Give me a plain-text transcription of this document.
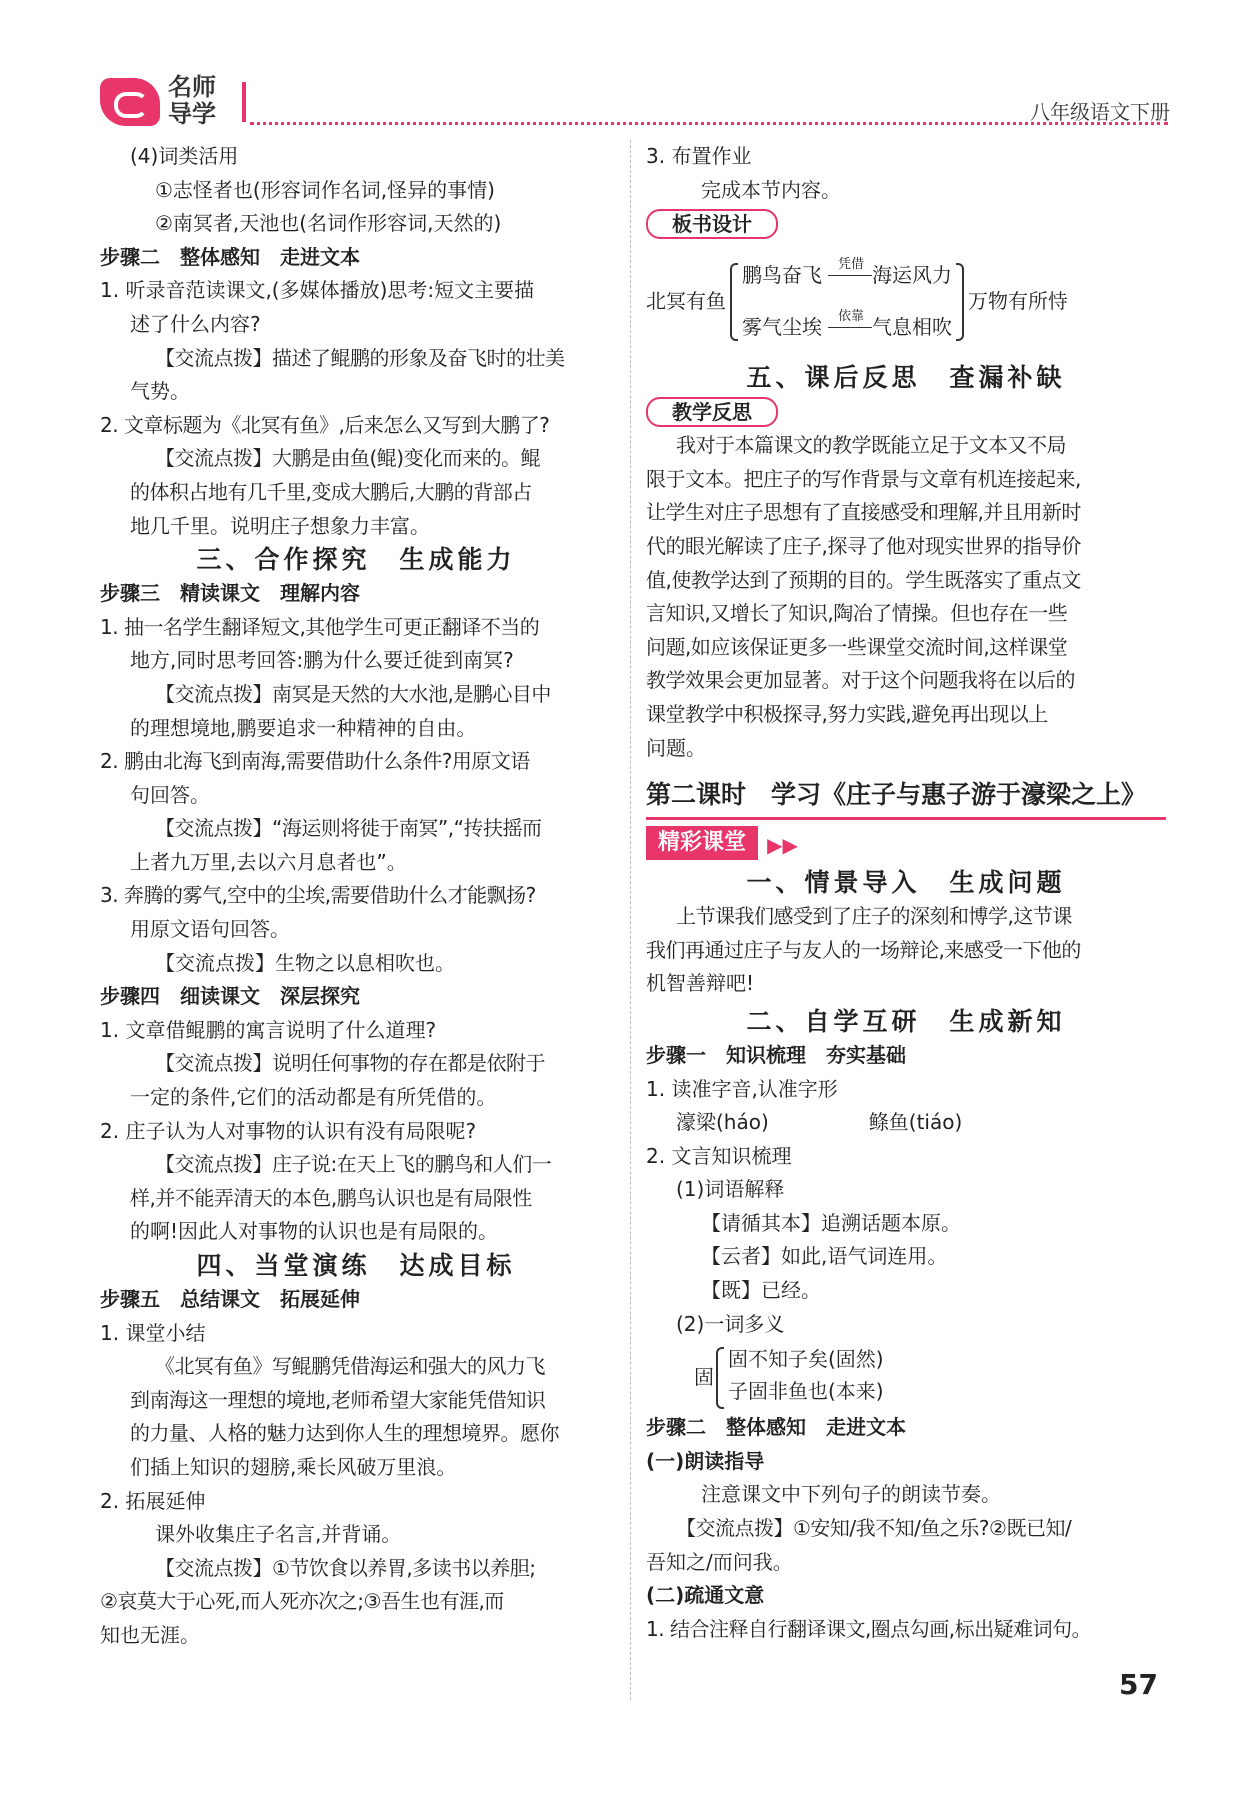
名师
导学	八年级语文下册
(4)词类活用
①志怪者也(形容词作名词,怪异的事情)
②南冥者,天池也(名词作形容词,天然的)
步骤二　整体感知　走进文本
1. 听录音范读课文,(多媒体播放)思考:短文主要描
述了什么内容?
【交流点拨】描述了鲲鹏的形象及奋飞时的壮美
气势。
2. 文章标题为《北冥有鱼》,后来怎么又写到大鹏了?
【交流点拨】大鹏是由鱼(鲲)变化而来的。鲲
的体积占地有几千里,变成大鹏后,大鹏的背部占
地几千里。说明庄子想象力丰富。
三、合作探究　生成能力
步骤三　精读课文　理解内容
1. 抽一名学生翻译短文,其他学生可更正翻译不当的
地方,同时思考回答:鹏为什么要迁徙到南冥?
【交流点拨】南冥是天然的大水池,是鹏心目中
的理想境地,鹏要追求一种精神的自由。
2. 鹏由北海飞到南海,需要借助什么条件?用原文语
句回答。
【交流点拨】“海运则将徙于南冥”,“抟扶摇而
上者九万里,去以六月息者也”。
3. 奔腾的雾气,空中的尘埃,需要借助什么才能飘扬?
用原文语句回答。
【交流点拨】生物之以息相吹也。
步骤四　细读课文　深层探究
1. 文章借鲲鹏的寓言说明了什么道理?
【交流点拨】说明任何事物的存在都是依附于
一定的条件,它们的活动都是有所凭借的。
2. 庄子认为人对事物的认识有没有局限呢?
【交流点拨】庄子说:在天上飞的鹏鸟和人们一
样,并不能弄清天的本色,鹏鸟认识也是有局限性
的啊!因此人对事物的认识也是有局限的。
四、当堂演练　达成目标
步骤五　总结课文　拓展延伸
1. 课堂小结
《北冥有鱼》写鲲鹏凭借海运和强大的风力飞
到南海这一理想的境地,老师希望大家能凭借知识
的力量、人格的魅力达到你人生的理想境界。愿你
们插上知识的翅膀,乘长风破万里浪。
2. 拓展延伸
课外收集庄子名言,并背诵。
【交流点拨】①节饮食以养胃,多读书以养胆;
②哀莫大于心死,而人死亦次之;③吾生也有涯,而
知也无涯。
3. 布置作业
完成本节内容。
板书设计
北冥有鱼
鹏鸟奋飞 凭借 海运风力
雾气尘埃 依靠 气息相吹
万物有所恃
五、课后反思　查漏补缺
教学反思
我对于本篇课文的教学既能立足于文本又不局
限于文本。把庄子的写作背景与文章有机连接起来,
让学生对庄子思想有了直接感受和理解,并且用新时
代的眼光解读了庄子,探寻了他对现实世界的指导价
值,使教学达到了预期的目的。学生既落实了重点文
言知识,又增长了知识,陶冶了情操。但也存在一些
问题,如应该保证更多一些课堂交流时间,这样课堂
教学效果会更加显著。对于这个问题我将在以后的
课堂教学中积极探寻,努力实践,避免再出现以上
问题。
第二课时　学习《庄子与惠子游于濠梁之上》
精彩课堂 ▶▶
一、情景导入　生成问题
上节课我们感受到了庄子的深刻和博学,这节课
我们再通过庄子与友人的一场辩论,来感受一下他的
机智善辩吧!
二、自学互研　生成新知
步骤一　知识梳理　夯实基础
1. 读准字音,认准字形
濠梁(háo)　　　　　鲦鱼(tiáo)
2. 文言知识梳理
(1)词语解释
【请循其本】追溯话题本原。
【云者】如此,语气词连用。
【既】已经。
(2)一词多义
固
固不知子矣(固然)
子固非鱼也(本来)
步骤二　整体感知　走进文本
(一)朗读指导
注意课文中下列句子的朗读节奏。
【交流点拨】①安知/我不知/鱼之乐?②既已知/
吾知之/而问我。
(二)疏通文意
1. 结合注释自行翻译课文,圈点勾画,标出疑难词句。
57
